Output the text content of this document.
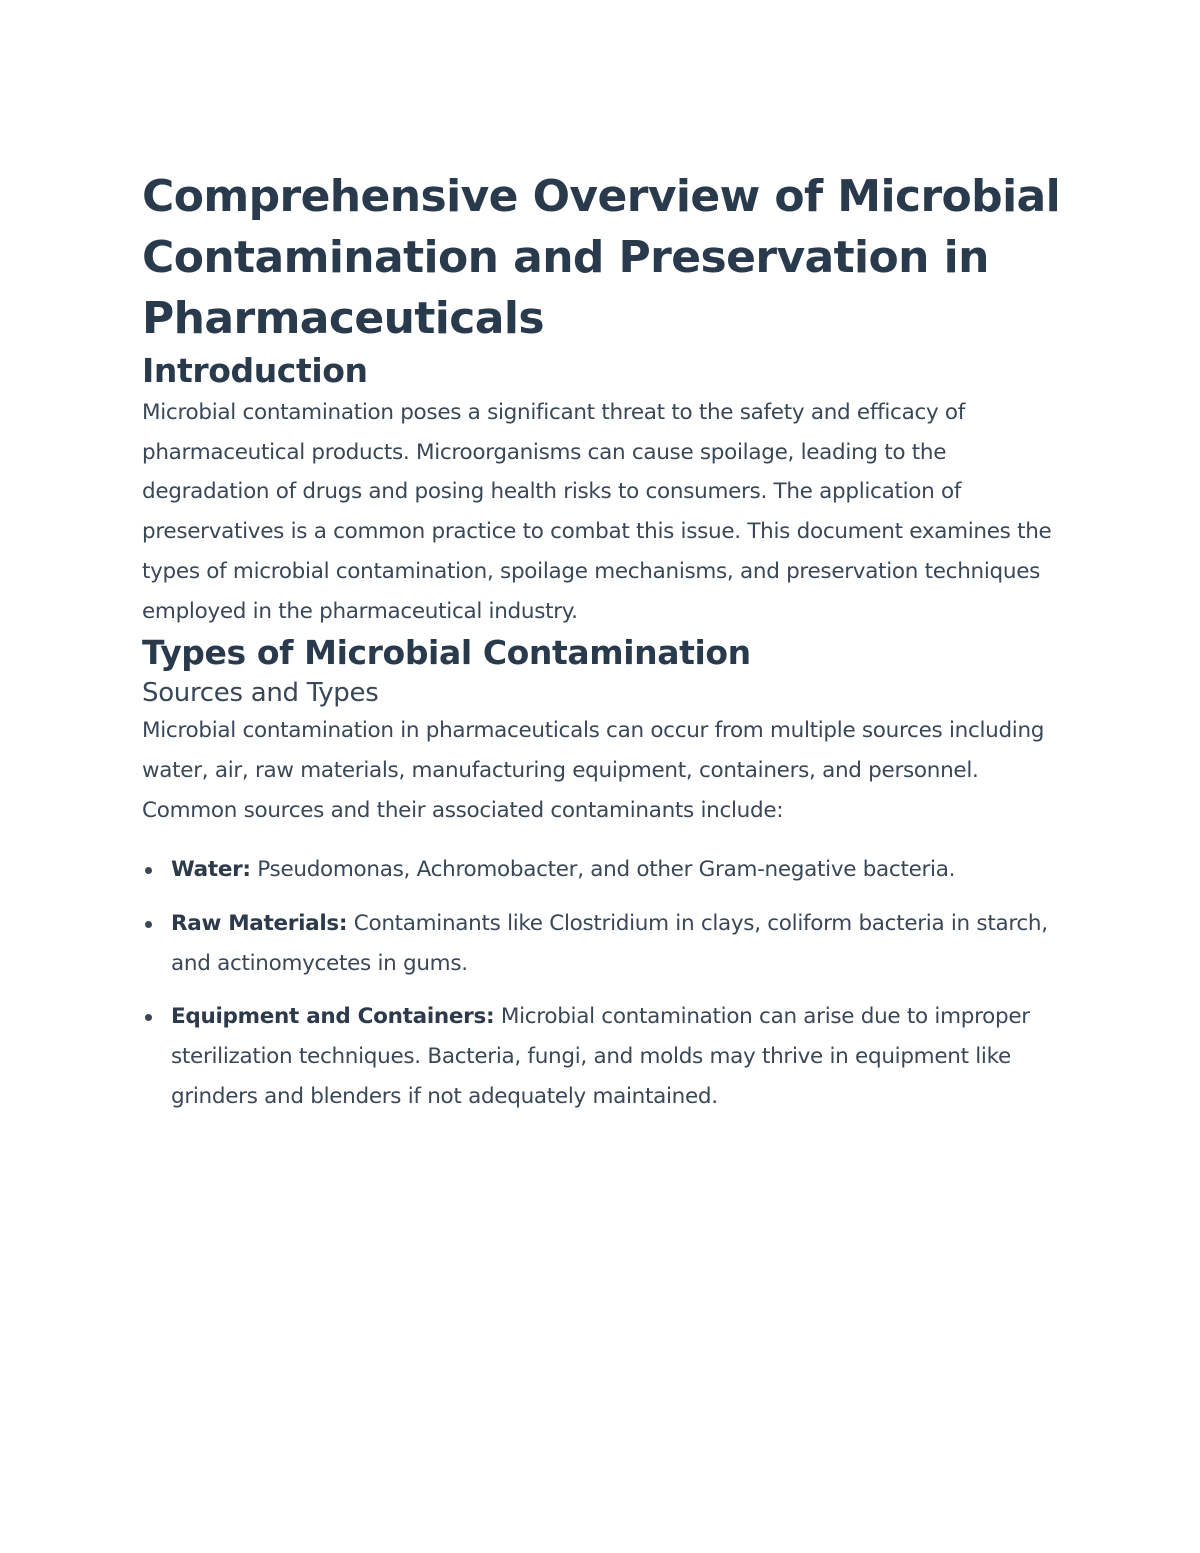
Comprehensive Overview of Microbial Contamination and Preservation in Pharmaceuticals
Introduction

Microbial contamination poses a significant threat to the safety and efficacy of pharmaceutical products. Microorganisms can cause spoilage, leading to the degradation of drugs and posing health risks to consumers. The application of preservatives is a common practice to combat this issue. This document examines the types of microbial contamination, spoilage mechanisms, and preservation techniques employed in the pharmaceutical industry.

Types of Microbial Contamination
Sources and Types

Microbial contamination in pharmaceuticals can occur from multiple sources including water, air, raw materials, manufacturing equipment, containers, and personnel. Common sources and their associated contaminants include:

Water: Pseudomonas, Achromobacter, and other Gram-negative bacteria.
Raw Materials: Contaminants like Clostridium in clays, coliform bacteria in starch, and actinomycetes in gums.
Equipment and Containers: Microbial contamination can arise due to improper sterilization techniques. Bacteria, fungi, and molds may thrive in equipment like grinders and blenders if not adequately maintained.
